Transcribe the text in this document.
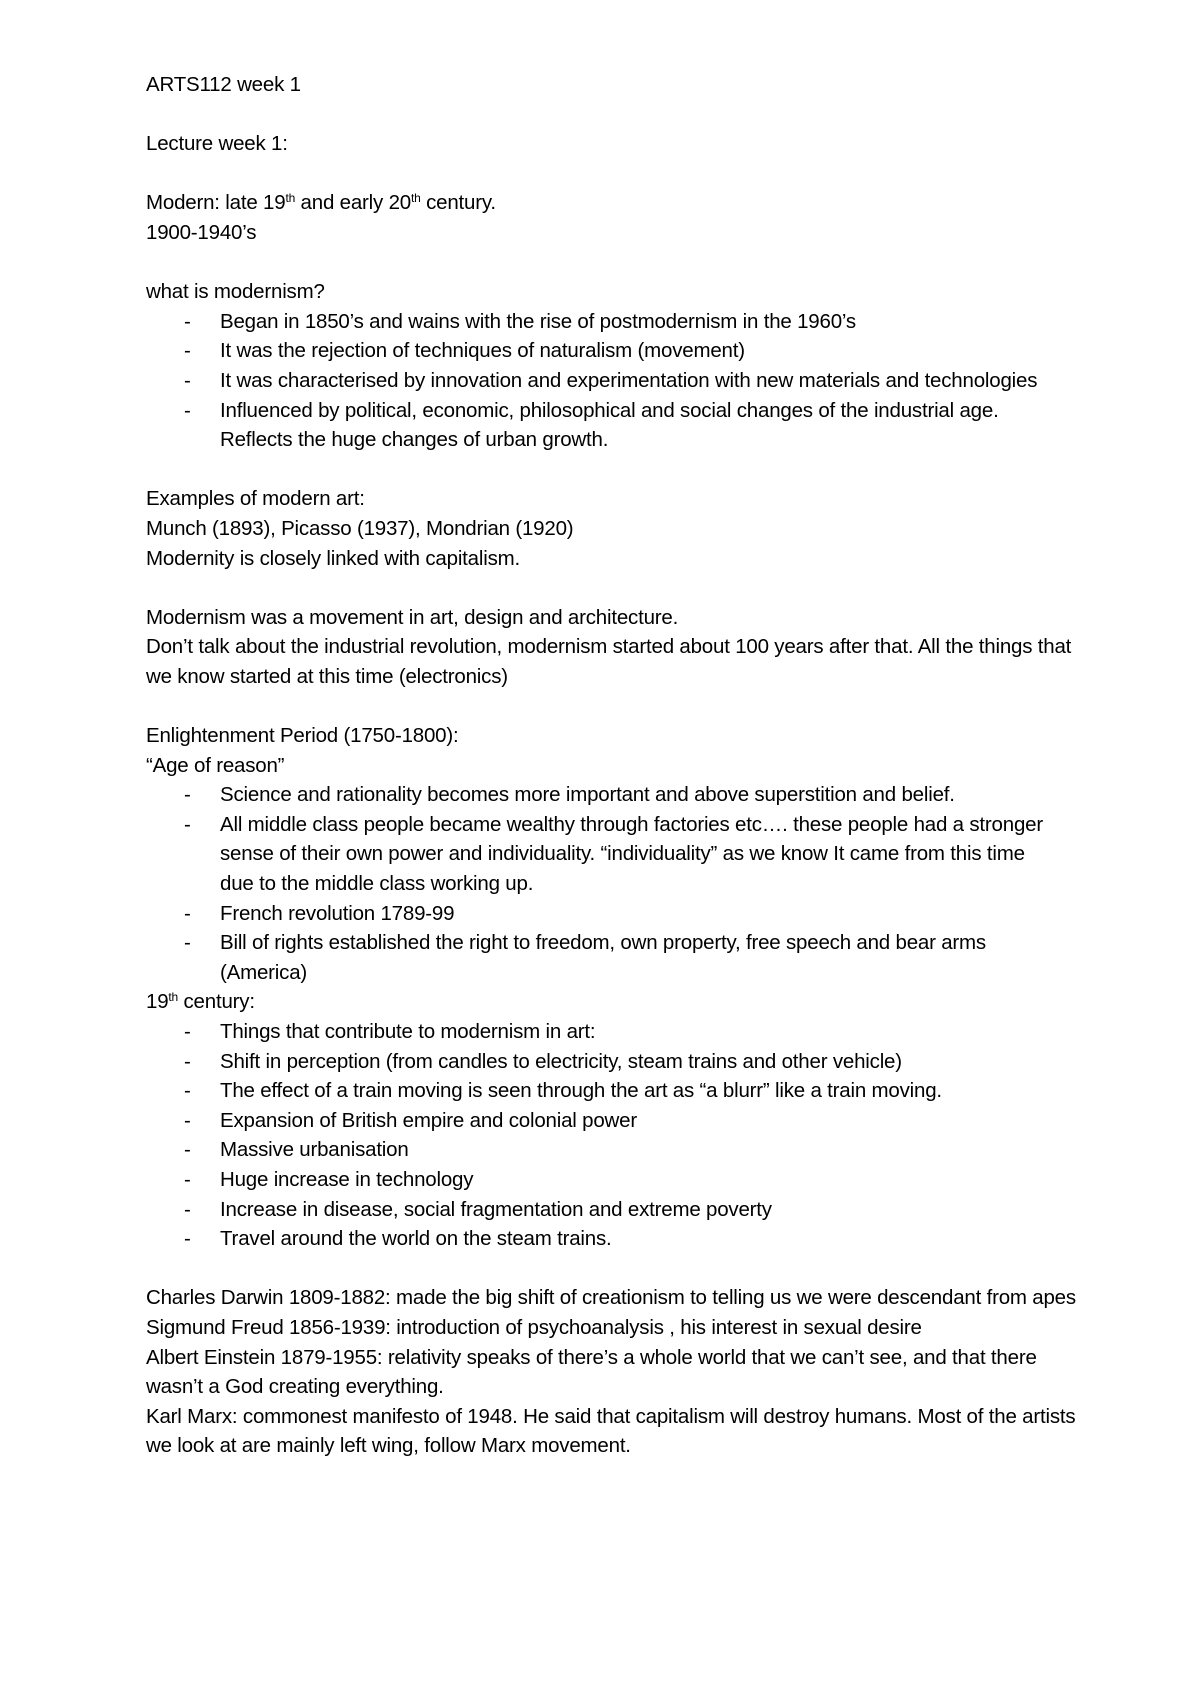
ARTS112 week 1

Lecture week 1:

Modern: late 19th and early 20th century.

1900-1940’s

what is modernism?

- Began in 1850’s and wains with the rise of postmodernism in the 1960’s
- It was the rejection of techniques of naturalism (movement)
- It was characterised by innovation and experimentation with new materials and technologies
- Influenced by political, economic, philosophical and social changes of the industrial age. Reflects the huge changes of urban growth.

Examples of modern art:

Munch (1893), Picasso (1937), Mondrian (1920)

Modernity is closely linked with capitalism.

Modernism was a movement in art, design and architecture.

Don’t talk about the industrial revolution, modernism started about 100 years after that. All the things that we know started at this time (electronics)

Enlightenment Period (1750-1800):

“Age of reason”

- Science and rationality becomes more important and above superstition and belief.
- All middle class people became wealthy through factories etc…. these people had a stronger sense of their own power and individuality. “individuality” as we know It came from this time due to the middle class working up.
- French revolution 1789-99
- Bill of rights established the right to freedom, own property, free speech and bear arms (America)

19th century:

- Things that contribute to modernism in art:
- Shift in perception (from candles to electricity, steam trains and other vehicle)
- The effect of a train moving is seen through the art as “a blurr” like a train moving.
- Expansion of British empire and colonial power
- Massive urbanisation
- Huge increase in technology
- Increase in disease, social fragmentation and extreme poverty
- Travel around the world on the steam trains.

Charles Darwin 1809-1882: made the big shift of creationism to telling us we were descendant from apes

Sigmund Freud 1856-1939: introduction of psychoanalysis , his interest in sexual desire

Albert Einstein 1879-1955: relativity speaks of there’s a whole world that we can’t see, and that there wasn’t a God creating everything.

Karl Marx: commonest manifesto of 1948. He said that capitalism will destroy humans. Most of the artists we look at are mainly left wing, follow Marx movement.
